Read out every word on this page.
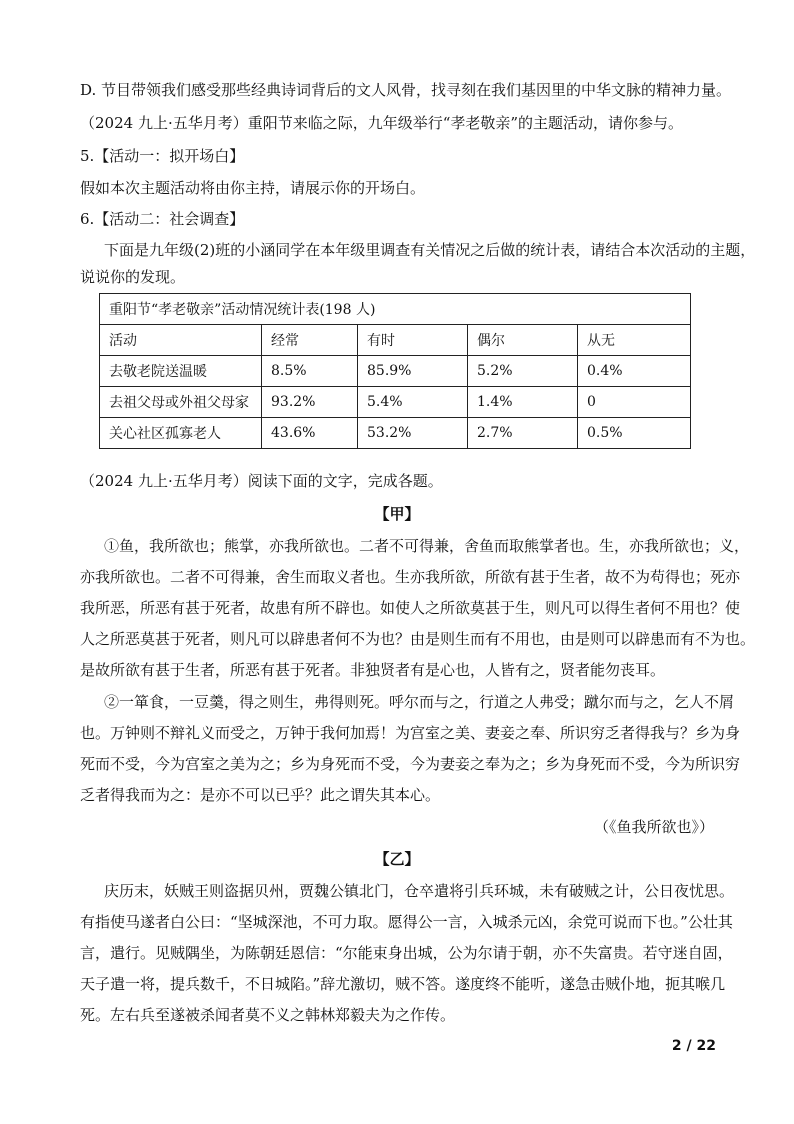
D. 节目带领我们感受那些经典诗词背后的文人风骨，找寻刻在我们基因里的中华文脉的精神力量。
（2024 九上·五华月考）重阳节来临之际，九年级举行“孝老敬亲”的主题活动，请你参与。
5.【活动一：拟开场白】
假如本次主题活动将由你主持，请展示你的开场白。
6.【活动二：社会调查】
下面是九年级(2)班的小涵同学在本年级里调查有关情况之后做的统计表，请结合本次活动的主题，
说说你的发现。
重阳节“孝老敬亲”活动情况统计表(198 人)				
活动	经常	有时	偶尔	从无
去敬老院送温暖	8.5%	85.9%	5.2%	0.4%
去祖父母或外祖父母家	93.2%	5.4%	1.4%	0
关心社区孤寡老人	43.6%	53.2%	2.7%	0.5%
（2024 九上·五华月考）阅读下面的文字，完成各题。
【甲】
①鱼，我所欲也；熊掌，亦我所欲也。二者不可得兼，舍鱼而取熊掌者也。生，亦我所欲也；义，
亦我所欲也。二者不可得兼，舍生而取义者也。生亦我所欲，所欲有甚于生者，故不为苟得也；死亦
我所恶，所恶有甚于死者，故患有所不辟也。如使人之所欲莫甚于生，则凡可以得生者何不用也？使
人之所恶莫甚于死者，则凡可以辟患者何不为也？由是则生而有不用也，由是则可以辟患而有不为也。
是故所欲有甚于生者，所恶有甚于死者。非独贤者有是心也，人皆有之，贤者能勿丧耳。
②一箪食，一豆羹，得之则生，弗得则死。呼尔而与之，行道之人弗受；蹴尔而与之，乞人不屑
也。万钟则不辩礼义而受之，万钟于我何加焉！为宫室之美、妻妾之奉、所识穷乏者得我与？乡为身
死而不受，今为宫室之美为之；乡为身死而不受，今为妻妾之奉为之；乡为身死而不受，今为所识穷
乏者得我而为之：是亦不可以已乎？此之谓失其本心。
（《鱼我所欲也》）
【乙】
庆历末，妖贼王则盗据贝州，贾魏公镇北门，仓卒遣将引兵环城，未有破贼之计，公日夜忧思。
有指使马遂者白公曰：“坚城深池，不可力取。愿得公一言，入城杀元凶，余党可说而下也。”公壮其
言，遣行。见贼隅坐，为陈朝廷恩信：“尔能束身出城，公为尔请于朝，亦不失富贵。若守迷自固，
天子遣一将，提兵数千，不日城陷。”辞尤激切，贼不答。遂度终不能听，遂急击贼仆地，扼其喉几
死。左右兵至遂被杀闻者莫不义之韩林郑毅夫为之作传。
2 / 22
